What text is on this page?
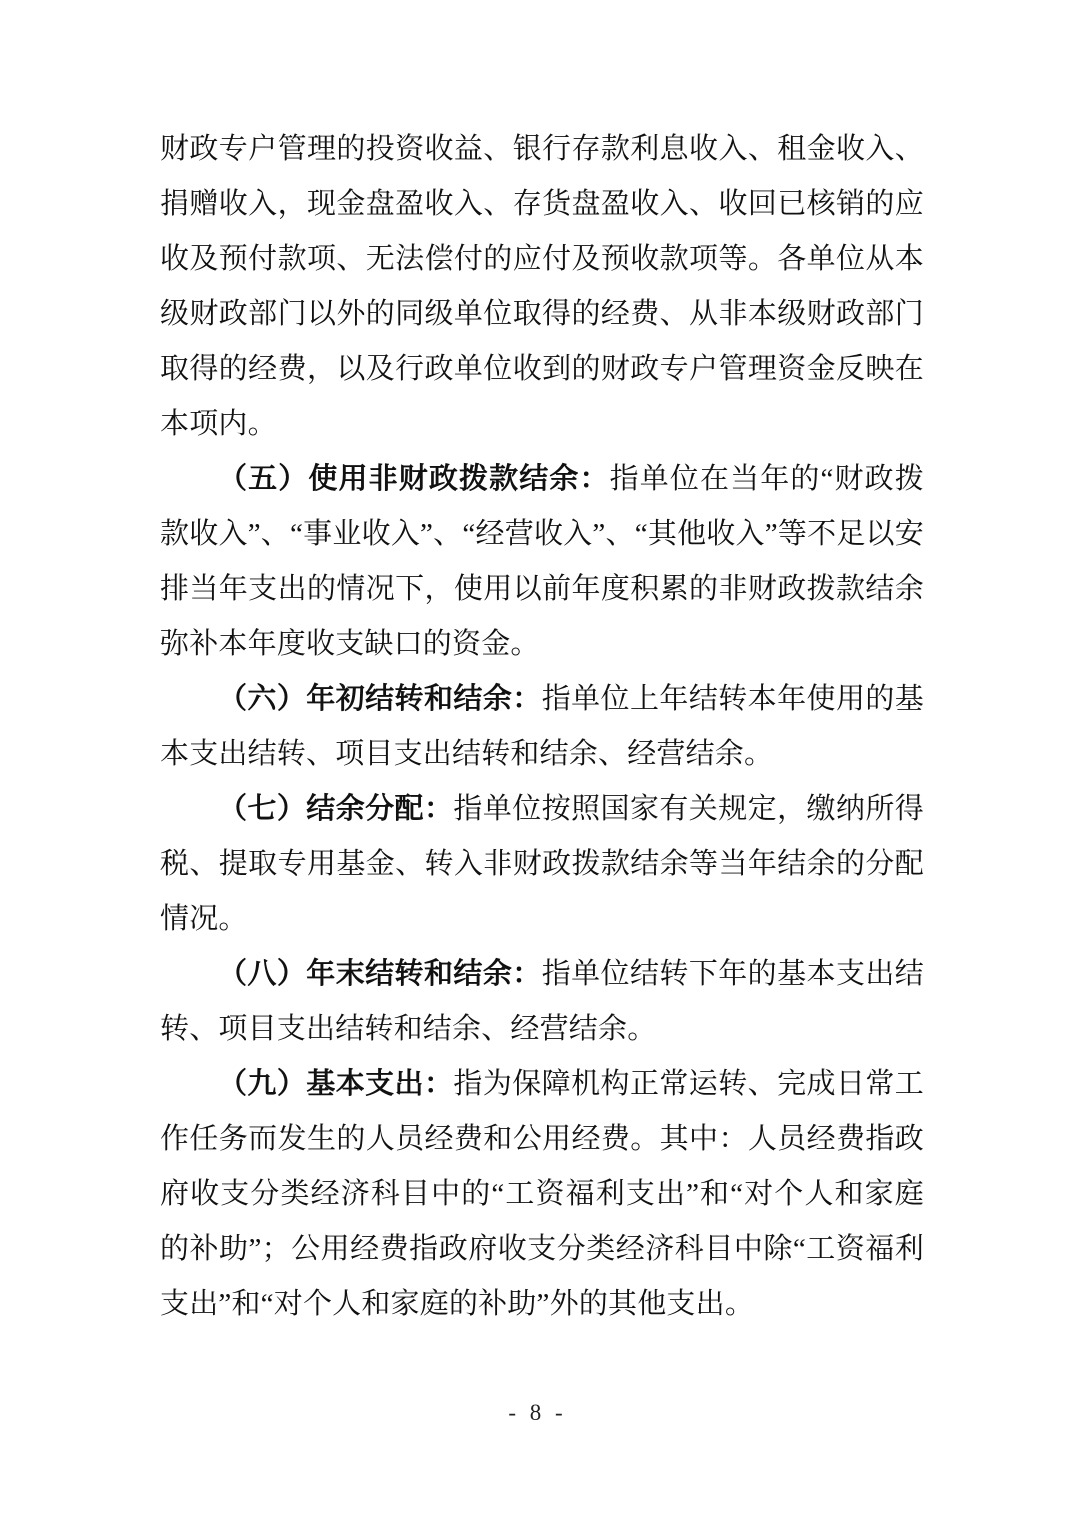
财政专户管理的投资收益、银行存款利息收入、租金收入、捐赠收入，现金盘盈收入、存货盘盈收入、收回已核销的应收及预付款项、无法偿付的应付及预收款项等。各单位从本级财政部门以外的同级单位取得的经费、从非本级财政部门取得的经费，以及行政单位收到的财政专户管理资金反映在本项内。

（五）使用非财政拨款结余：指单位在当年的“财政拨款收入”、“事业收入”、“经营收入”、“其他收入”等不足以安排当年支出的情况下，使用以前年度积累的非财政拨款结余弥补本年度收支缺口的资金。

（六）年初结转和结余：指单位上年结转本年使用的基本支出结转、项目支出结转和结余、经营结余。

（七）结余分配：指单位按照国家有关规定，缴纳所得税、提取专用基金、转入非财政拨款结余等当年结余的分配情况。

（八）年末结转和结余：指单位结转下年的基本支出结转、项目支出结转和结余、经营结余。

（九）基本支出：指为保障机构正常运转、完成日常工作任务而发生的人员经费和公用经费。其中：人员经费指政府收支分类经济科目中的“工资福利支出”和“对个人和家庭的补助”；公用经费指政府收支分类经济科目中除“工资福利支出”和“对个人和家庭的补助”外的其他支出。

- 8 -
